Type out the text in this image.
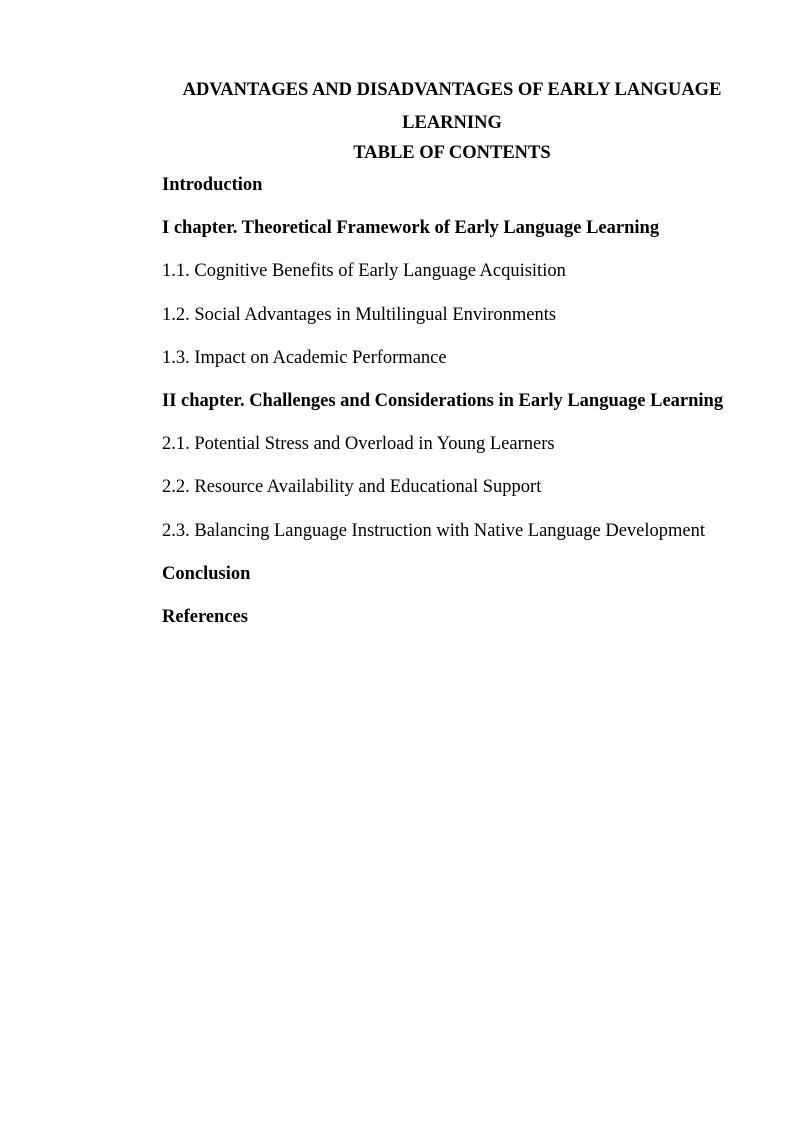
ADVANTAGES AND DISADVANTAGES OF EARLY LANGUAGE LEARNING
TABLE OF CONTENTS
Introduction
I chapter. Theoretical Framework of Early Language Learning
1.1. Cognitive Benefits of Early Language Acquisition
1.2. Social Advantages in Multilingual Environments
1.3. Impact on Academic Performance
II chapter. Challenges and Considerations in Early Language Learning
2.1. Potential Stress and Overload in Young Learners
2.2. Resource Availability and Educational Support
2.3. Balancing Language Instruction with Native Language Development
Conclusion
References
